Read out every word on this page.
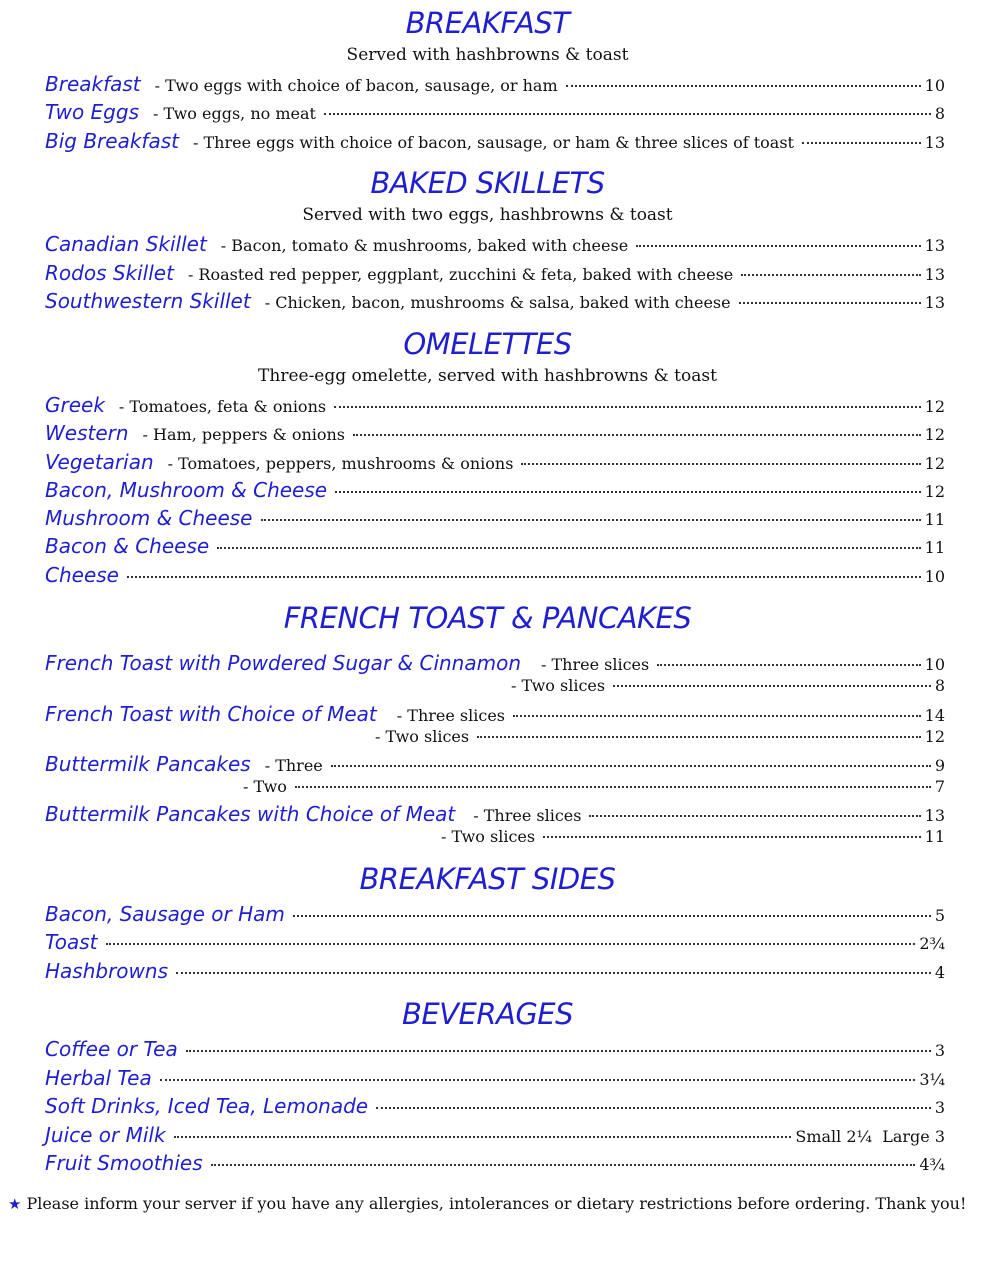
BREAKFAST
Served with hashbrowns & toast
Breakfast - Two eggs with choice of bacon, sausage, or ham	10
Two Eggs - Two eggs, no meat	8
Big Breakfast - Three eggs with choice of bacon, sausage, or ham & three slices of toast	13
BAKED SKILLETS
Served with two eggs, hashbrowns & toast
Canadian Skillet - Bacon, tomato & mushrooms, baked with cheese	13
Rodos Skillet - Roasted red pepper, eggplant, zucchini & feta, baked with cheese	13
Southwestern Skillet - Chicken, bacon, mushrooms & salsa, baked with cheese	13
OMELETTES
Three-egg omelette, served with hashbrowns & toast
Greek - Tomatoes, feta & onions	12
Western - Ham, peppers & onions	12
Vegetarian - Tomatoes, peppers, mushrooms & onions	12
Bacon, Mushroom & Cheese	12
Mushroom & Cheese	11
Bacon & Cheese	11
Cheese	10
FRENCH TOAST & PANCAKES
French Toast with Powdered Sugar & Cinnamon - Three slices	10
- Two slices	8
French Toast with Choice of Meat - Three slices	14
- Two slices	12
Buttermilk Pancakes - Three	9
- Two	7
Buttermilk Pancakes with Choice of Meat - Three slices	13
- Two slices	11
BREAKFAST SIDES
Bacon, Sausage or Ham	5
Toast	2¾
Hashbrowns	4
BEVERAGES
Coffee or Tea	3
Herbal Tea	3¼
Soft Drinks, Iced Tea, Lemonade	3
Juice or Milk	Small 2¼  Large 3
Fruit Smoothies	4¾
★ Please inform your server if you have any allergies, intolerances or dietary restrictions before ordering. Thank you!
